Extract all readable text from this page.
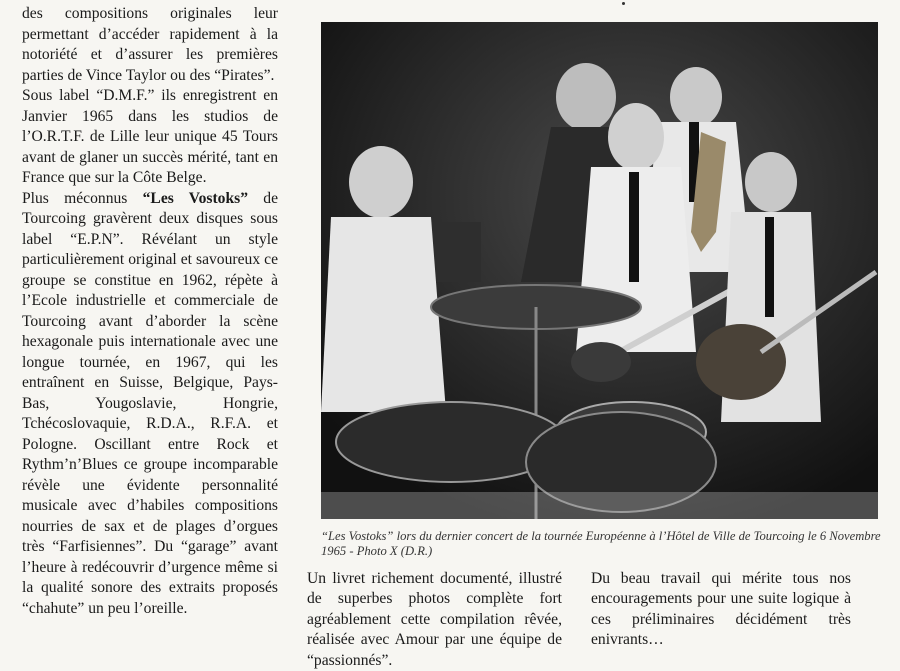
des compositions originales leur permettant d’accéder rapidement à la notoriété et d’assurer les premières parties de Vince Taylor ou des “Pirates”.

Sous label “D.M.F.” ils enregistrent en Janvier 1965 dans les studios de l’O.R.T.F. de Lille leur unique 45 Tours avant de glaner un succès mérité, tant en France que sur la Côte Belge.

Plus méconnus “Les Vostoks” de Tourcoing gravèrent deux disques sous label “E.P.N”. Révélant un style particulièrement original et savoureux ce groupe se constitue en 1962, répète à l’Ecole industrielle et commerciale de Tourcoing avant d’aborder la scène hexagonale puis internationale avec une longue tournée, en 1967, qui les entraînent en Suisse, Belgique, Pays-Bas, Yougoslavie, Hongrie, Tchécoslovaquie, R.D.A., R.F.A. et Pologne. Oscillant entre Rock et Rythm’n’Blues ce groupe incomparable révèle une évidente personnalité musicale avec d’habiles compositions nourries de sax et de plages d’orgues très “Farfisiennes”. Du “garage” avant l’heure à redécouvrir d’urgence même si la qualité sonore des extraits proposés “chahute” un peu l’oreille.

“Les Vostoks” lors du dernier concert de la tournée Européenne à l’Hôtel de Ville de Tourcoing le 6 Novembre 1965 - Photo X (D.R.)

Un livret richement documenté, illustré de superbes photos complète fort agréablement cette compilation rêvée, réalisée avec Amour par une équipe de “passionnés”.

Du beau travail qui mérite tous nos encouragements pour une suite logique à ces préliminaires décidément très enivrants…
